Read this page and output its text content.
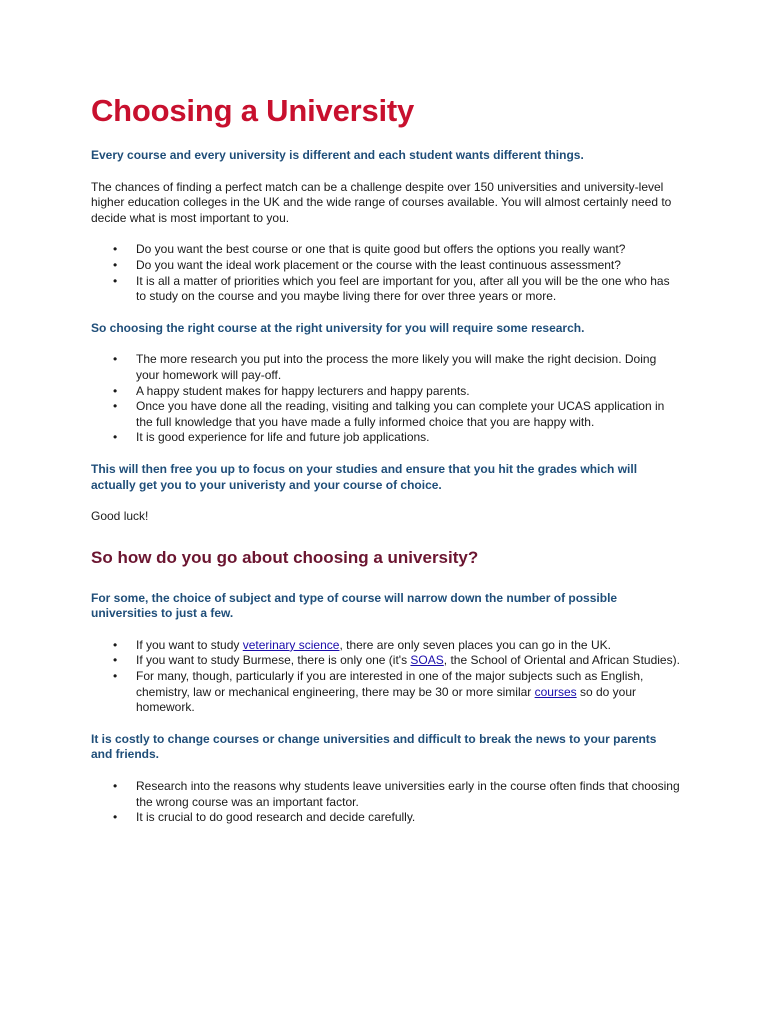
Choosing a University

Every course and every university is different and each student wants different things.

The chances of finding a perfect match can be a challenge despite over 150 universities and university-level higher education colleges in the UK and the wide range of courses available. You will almost certainly need to decide what is most important to you.

• Do you want the best course or one that is quite good but offers the options you really want?
• Do you want the ideal work placement or the course with the least continuous assessment?
• It is all a matter of priorities which you feel are important for you, after all you will be the one who has to study on the course and you maybe living there for over three years or more.

So choosing the right course at the right university for you will require some research.

• The more research you put into the process the more likely you will make the right decision. Doing your homework will pay-off.
• A happy student makes for happy lecturers and happy parents.
• Once you have done all the reading, visiting and talking you can complete your UCAS application in the full knowledge that you have made a fully informed choice that you are happy with.
• It is good experience for life and future job applications.

This will then free you up to focus on your studies and ensure that you hit the grades which will actually get you to your univeristy and your course of choice.

Good luck!

So how do you go about choosing a university?

For some, the choice of subject and type of course will narrow down the number of possible universities to just a few.

• If you want to study veterinary science, there are only seven places you can go in the UK.
• If you want to study Burmese, there is only one (it's SOAS, the School of Oriental and African Studies).
• For many, though, particularly if you are interested in one of the major subjects such as English, chemistry, law or mechanical engineering, there may be 30 or more similar courses so do your homework.

It is costly to change courses or change universities and difficult to break the news to your parents and friends.

• Research into the reasons why students leave universities early in the course often finds that choosing the wrong course was an important factor.
• It is crucial to do good research and decide carefully.
